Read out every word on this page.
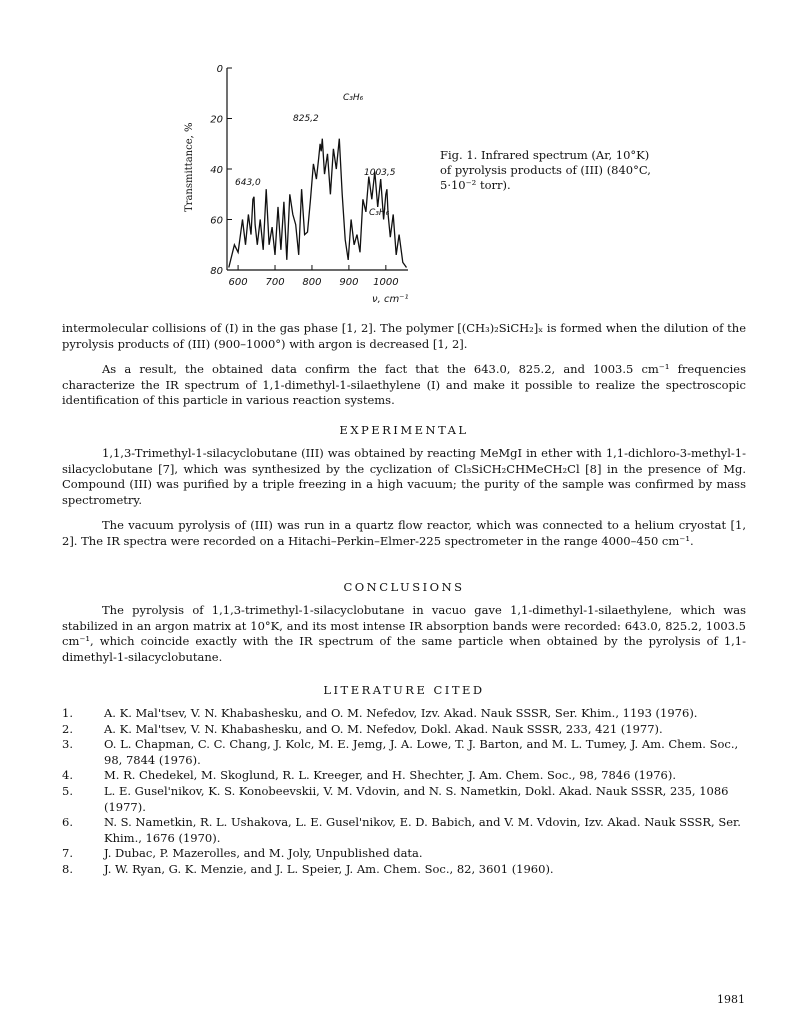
0
20
40
60
80
600 700 800 900 1000
Transmittance, %
ν, cm⁻¹
C₃H₆
825,2
643,0
1003,5
C₃H₆
Fig. 1. Infrared spectrum (Ar, 10°K) of pyrolysis products of (III) (840°C, 5·10⁻² torr).
intermolecular collisions of (I) in the gas phase [1, 2]. The polymer [(CH₃)₂SiCH₂]ₓ is formed when the dilution of the pyrolysis products of (III) (900–1000°) with argon is decreased [1, 2].
As a result, the obtained data confirm the fact that the 643.0, 825.2, and 1003.5 cm⁻¹ frequencies characterize the IR spectrum of 1,1-dimethyl-1-silaethylene (I) and make it possible to realize the spectroscopic identification of this particle in various reaction systems.
EXPERIMENTAL
1,1,3-Trimethyl-1-silacyclobutane (III) was obtained by reacting MeMgI in ether with 1,1-dichloro-3-methyl-1-silacyclobutane [7], which was synthesized by the cyclization of Cl₃SiCH₂CHMeCH₂Cl [8] in the presence of Mg. Compound (III) was purified by a triple freezing in a high vacuum; the purity of the sample was confirmed by mass spectrometry.
The vacuum pyrolysis of (III) was run in a quartz flow reactor, which was connected to a helium cryostat [1, 2]. The IR spectra were recorded on a Hitachi–Perkin–Elmer-225 spectrometer in the range 4000–450 cm⁻¹.
CONCLUSIONS
The pyrolysis of 1,1,3-trimethyl-1-silacyclobutane in vacuo gave 1,1-dimethyl-1-silaethylene, which was stabilized in an argon matrix at 10°K, and its most intense IR absorption bands were recorded: 643.0, 825.2, 1003.5 cm⁻¹, which coincide exactly with the IR spectrum of the same particle when obtained by the pyrolysis of 1,1-dimethyl-1-silacyclobutane.
LITERATURE CITED
1.	A. K. Mal'tsev, V. N. Khabashesku, and O. M. Nefedov, Izv. Akad. Nauk SSSR, Ser. Khim., 1193 (1976).
2.	A. K. Mal'tsev, V. N. Khabashesku, and O. M. Nefedov, Dokl. Akad. Nauk SSSR, 233, 421 (1977).
3.	O. L. Chapman, C. C. Chang, J. Kolc, M. E. Jemg, J. A. Lowe, T. J. Barton, and M. L. Tumey, J. Am. Chem. Soc., 98, 7844 (1976).
4.	M. R. Chedekel, M. Skoglund, R. L. Kreeger, and H. Shechter, J. Am. Chem. Soc., 98, 7846 (1976).
5.	L. E. Gusel'nikov, K. S. Konobeevskii, V. M. Vdovin, and N. S. Nametkin, Dokl. Akad. Nauk SSSR, 235, 1086 (1977).
6.	N. S. Nametkin, R. L. Ushakova, L. E. Gusel'nikov, E. D. Babich, and V. M. Vdovin, Izv. Akad. Nauk SSSR, Ser. Khim., 1676 (1970).
7.	J. Dubac, P. Mazerolles, and M. Joly, Unpublished data.
8.	J. W. Ryan, G. K. Menzie, and J. L. Speier, J. Am. Chem. Soc., 82, 3601 (1960).
1981
